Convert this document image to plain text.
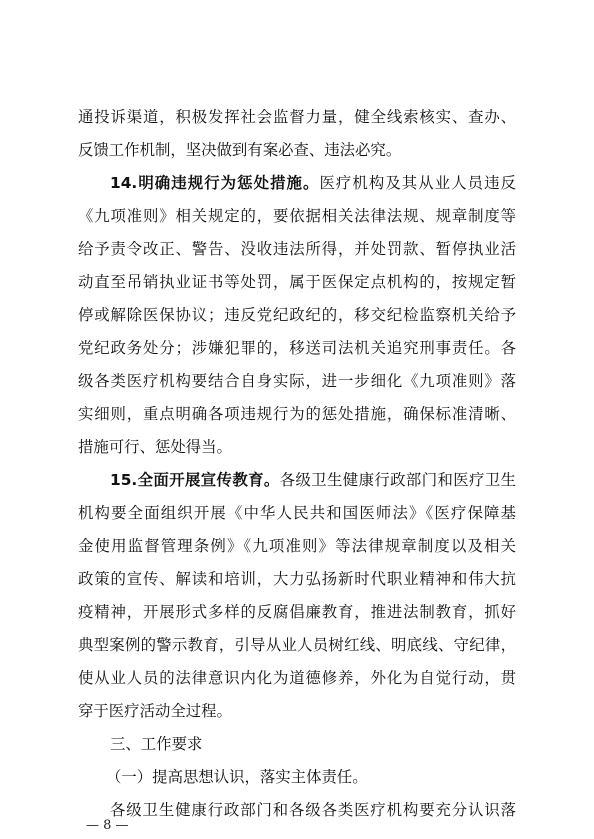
通投诉渠道，积极发挥社会监督力量，健全线索核实、查办、
反馈工作机制，坚决做到有案必查、违法必究。
14.明确违规行为惩处措施。医疗机构及其从业人员违反
《九项准则》相关规定的，要依据相关法律法规、规章制度等
给予责令改正、警告、没收违法所得，并处罚款、暂停执业活
动直至吊销执业证书等处罚，属于医保定点机构的，按规定暂
停或解除医保协议；违反党纪政纪的，移交纪检监察机关给予
党纪政务处分；涉嫌犯罪的，移送司法机关追究刑事责任。各
级各类医疗机构要结合自身实际，进一步细化《九项准则》落
实细则，重点明确各项违规行为的惩处措施，确保标准清晰、
措施可行、惩处得当。
15.全面开展宣传教育。各级卫生健康行政部门和医疗卫生
机构要全面组织开展《中华人民共和国医师法》《医疗保障基
金使用监督管理条例》《九项准则》等法律规章制度以及相关
政策的宣传、解读和培训，大力弘扬新时代职业精神和伟大抗
疫精神，开展形式多样的反腐倡廉教育，推进法制教育，抓好
典型案例的警示教育，引导从业人员树红线、明底线、守纪律，
使从业人员的法律意识内化为道德修养，外化为自觉行动，贯
穿于医疗活动全过程。
三、工作要求
（一）提高思想认识，落实主体责任。
各级卫生健康行政部门和各级各类医疗机构要充分认识落
— 8 —
